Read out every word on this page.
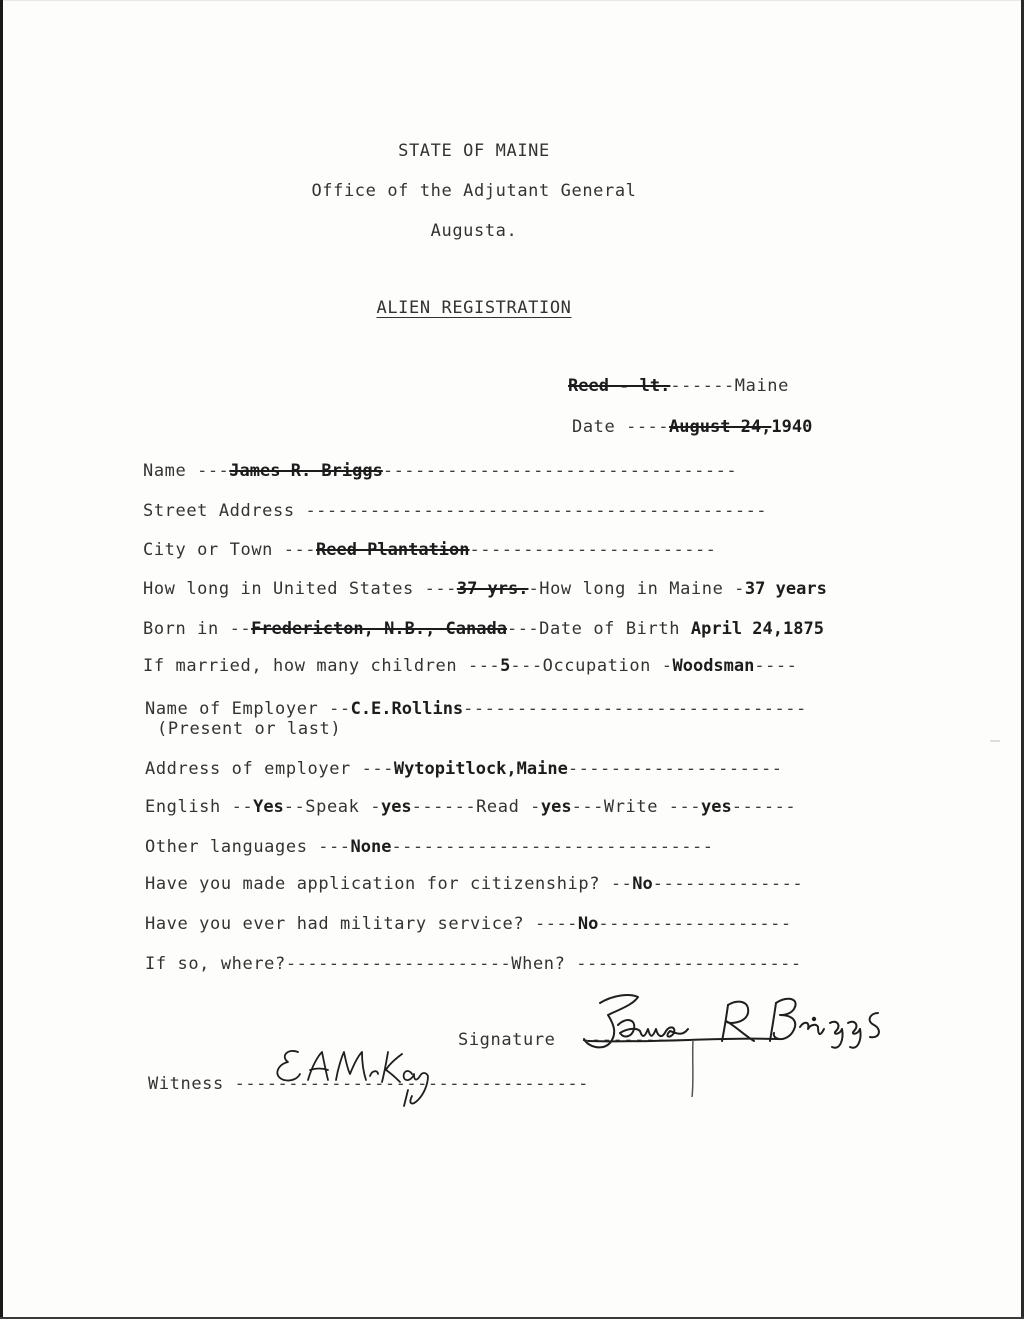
STATE OF MAINE
Office of the Adjutant General
Augusta.
ALIEN REGISTRATION
Reed - lt.------Maine
Date ----August 24,1940
Name ---James R. Briggs---------------------------------
Street Address -------------------------------------------
City or Town ---Reed Plantation-----------------------
How long in United States ---37 yrs.-How long in Maine -37 years
Born in --Fredericton, N.B., Canada---Date of Birth April 24,1875
If married, how many children ---5---Occupation -Woodsman----
Name of Employer --C.E.Rollins--------------------------------
(Present or last)
Address of employer ---Wytopitlock,Maine--------------------
English --Yes--Speak -yes------Read -yes---Write ---yes------
Other languages ---None------------------------------
Have you made application for citizenship? --No--------------
Have you ever had military service? ----No------------------
If so, where?---------------------When? ---------------------
Signature ----------
Witness ---------------------------------
